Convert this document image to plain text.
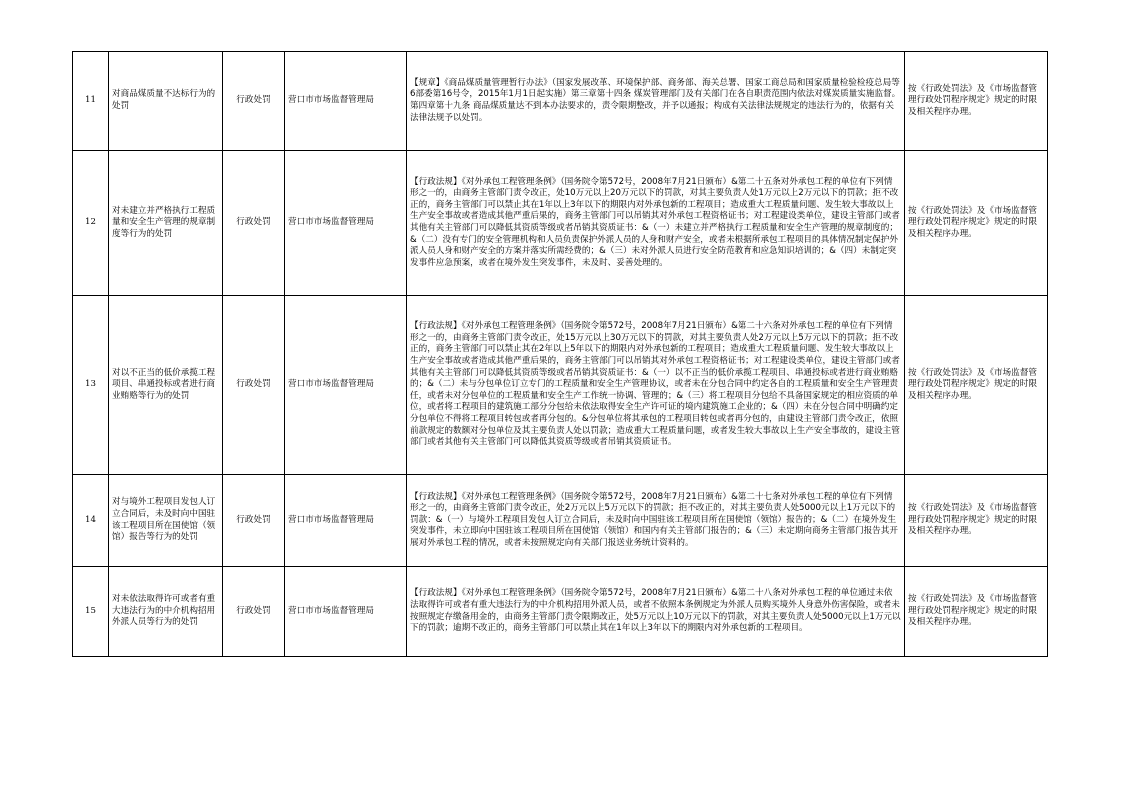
11	对商品煤质量不达标行为的处罚	行政处罚	营口市市场监督管理局	【规章】《商品煤质量管理暂行办法》（国家发展改革、环境保护部、商务部、海关总署、国家工商总局和国家质量检验检疫总局等6部委第16号令，2015年1月1日起实施）第三章第十四条 煤炭管理部门及有关部门在各自职责范围内依法对煤炭质量实施监督。第四章第十九条 商品煤质量达不到本办法要求的，责令限期整改，并予以通报；构成有关法律法规规定的违法行为的，依据有关法律法规予以处罚。	按《行政处罚法》及《市场监督管理行政处罚程序规定》规定的时限及相关程序办理。
12	对未建立并严格执行工程质量和安全生产管理的规章制度等行为的处罚	行政处罚	营口市市场监督管理局	【行政法规】《对外承包工程管理条例》（国务院令第572号，2008年7月21日颁布）&第二十五条对外承包工程的单位有下列情形之一的，由商务主管部门责令改正，处10万元以上20万元以下的罚款，对其主要负责人处1万元以上2万元以下的罚款；拒不改正的，商务主管部门可以禁止其在1年以上3年以下的期限内对外承包新的工程项目；造成重大工程质量问题、发生较大事故以上生产安全事故或者造成其他严重后果的，商务主管部门可以吊销其对外承包工程资格证书；对工程建设类单位，建设主管部门或者其他有关主管部门可以降低其资质等级或者吊销其资质证书：&（一）未建立并严格执行工程质量和安全生产管理的规章制度的；&（二）没有专门的安全管理机构和人员负责保护外派人员的人身和财产安全，或者未根据所承包工程项目的具体情况制定保护外派人员人身和财产安全的方案并落实所需经费的；&（三）未对外派人员进行安全防范教育和应急知识培训的；&（四）未制定突发事件应急预案，或者在境外发生突发事件，未及时、妥善处理的。	按《行政处罚法》及《市场监督管理行政处罚程序规定》规定的时限及相关程序办理。
13	对以不正当的低价承揽工程项目、串通投标或者进行商业贿赂等行为的处罚	行政处罚	营口市市场监督管理局	【行政法规】《对外承包工程管理条例》（国务院令第572号，2008年7月21日颁布）&第二十六条对外承包工程的单位有下列情形之一的，由商务主管部门责令改正，处15万元以上30万元以下的罚款，对其主要负责人处2万元以上5万元以下的罚款；拒不改正的，商务主管部门可以禁止其在2年以上5年以下的期限内对外承包新的工程项目；造成重大工程质量问题、发生较大事故以上生产安全事故或者造成其他严重后果的，商务主管部门可以吊销其对外承包工程资格证书；对工程建设类单位，建设主管部门或者其他有关主管部门可以降低其资质等级或者吊销其资质证书：&（一）以不正当的低价承揽工程项目、串通投标或者进行商业贿赂的；&（二）未与分包单位订立专门的工程质量和安全生产管理协议，或者未在分包合同中约定各自的工程质量和安全生产管理责任，或者未对分包单位的工程质量和安全生产工作统一协调、管理的；&（三）将工程项目分包给不具备国家规定的相应资质的单位，或者将工程项目的建筑施工部分分包给未依法取得安全生产许可证的境内建筑施工企业的；&（四）未在分包合同中明确约定分包单位不得将工程项目转包或者再分包的。&分包单位将其承包的工程项目转包或者再分包的，由建设主管部门责令改正，依照前款规定的数额对分包单位及其主要负责人处以罚款；造成重大工程质量问题，或者发生较大事故以上生产安全事故的，建设主管部门或者其他有关主管部门可以降低其资质等级或者吊销其资质证书。	按《行政处罚法》及《市场监督管理行政处罚程序规定》规定的时限及相关程序办理。
14	对与境外工程项目发包人订立合同后，未及时向中国驻该工程项目所在国使馆（领馆）报告等行为的处罚	行政处罚	营口市市场监督管理局	【行政法规】《对外承包工程管理条例》（国务院令第572号，2008年7月21日颁布）&第二十七条对外承包工程的单位有下列情形之一的，由商务主管部门责令改正，处2万元以上5万元以下的罚款；拒不改正的，对其主要负责人处5000元以上1万元以下的罚款：&（一）与境外工程项目发包人订立合同后，未及时向中国驻该工程项目所在国使馆（领馆）报告的；&（二）在境外发生突发事件，未立即向中国驻该工程项目所在国使馆（领馆）和国内有关主管部门报告的；&（三）未定期向商务主管部门报告其开展对外承包工程的情况，或者未按照规定向有关部门报送业务统计资料的。	按《行政处罚法》及《市场监督管理行政处罚程序规定》规定的时限及相关程序办理。
15	对未依法取得许可或者有重大违法行为的中介机构招用外派人员等行为的处罚	行政处罚	营口市市场监督管理局	【行政法规】《对外承包工程管理条例》（国务院令第572号，2008年7月21日颁布）&第二十八条对外承包工程的单位通过未依法取得许可或者有重大违法行为的中介机构招用外派人员，或者不依照本条例规定为外派人员购买境外人身意外伤害保险，或者未按照规定存缴备用金的，由商务主管部门责令限期改正，处5万元以上10万元以下的罚款，对其主要负责人处5000元以上1万元以下的罚款；逾期不改正的，商务主管部门可以禁止其在1年以上3年以下的期限内对外承包新的工程项目。	按《行政处罚法》及《市场监督管理行政处罚程序规定》规定的时限及相关程序办理。
